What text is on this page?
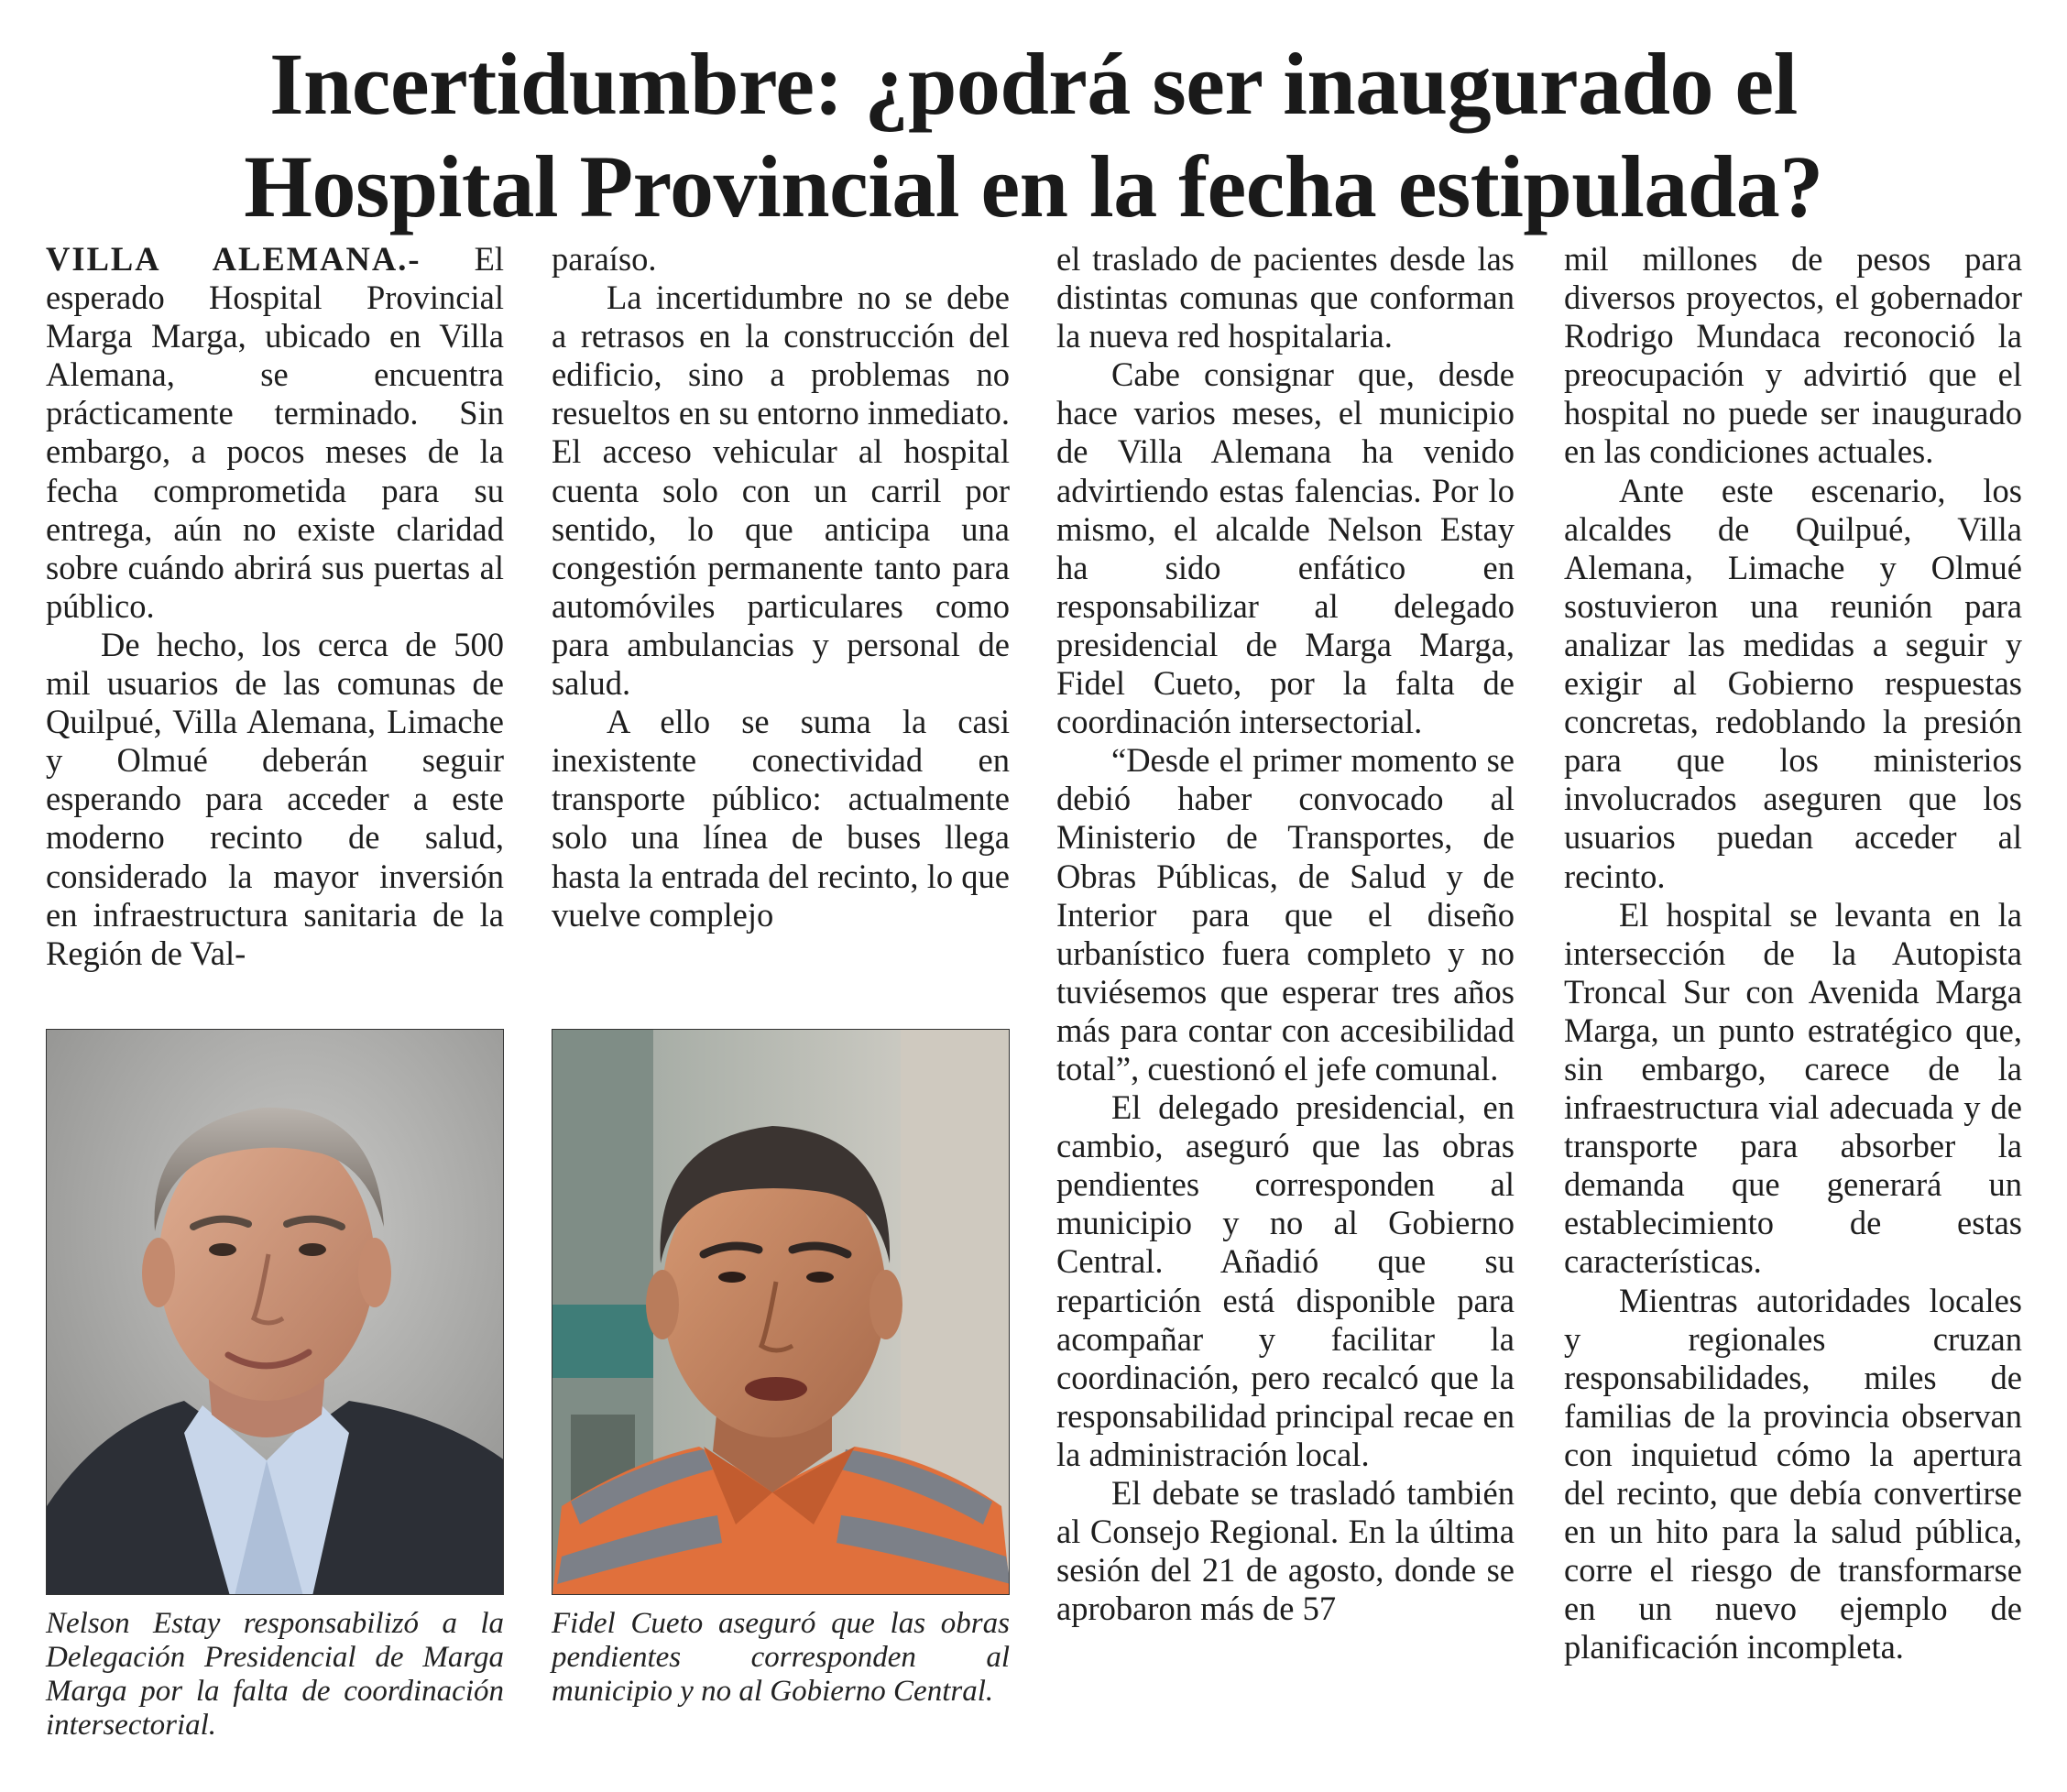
Incertidumbre: ¿podrá ser inaugurado el
Hospital Provincial en la fecha estipulada?

VILLA ALEMANA.- El esperado Hospital Provincial Marga Marga, ubicado en Villa Alemana, se encuentra prácticamente terminado. Sin embargo, a pocos meses de la fecha comprometida para su entrega, aún no existe claridad sobre cuándo abrirá sus puertas al público.

De hecho, los cerca de 500 mil usuarios de las comunas de Quilpué, Villa Alemana, Limache y Olmué deberán seguir esperando para acceder a este moderno recinto de salud, considerado la mayor inversión en infraestructura sanitaria de la Región de Val-

paraíso.

La incertidumbre no se debe a retrasos en la construcción del edificio, sino a problemas no resueltos en su entorno inmediato. El acceso vehicular al hospital cuenta solo con un carril por sentido, lo que anticipa una congestión permanente tanto para automóviles particulares como para ambulancias y personal de salud.

A ello se suma la casi inexistente conectividad en transporte público: actualmente solo una línea de buses llega hasta la entrada del recinto, lo que vuelve complejo

el traslado de pacientes desde las distintas comunas que conforman la nueva red hospitalaria.

Cabe consignar que, desde hace varios meses, el municipio de Villa Alemana ha venido advirtiendo estas falencias. Por lo mismo, el alcalde Nelson Estay ha sido enfático en responsabilizar al delegado presidencial de Marga Marga, Fidel Cueto, por la falta de coordinación intersectorial.

“Desde el primer momento se debió haber convocado al Ministerio de Transportes, de Obras Públicas, de Salud y de Interior para que el diseño urbanístico fuera completo y no tuviésemos que esperar tres años más para contar con accesibilidad total”, cuestionó el jefe comunal.

El delegado presidencial, en cambio, aseguró que las obras pendientes corresponden al municipio y no al Gobierno Central. Añadió que su repartición está disponible para acompañar y facilitar la coordinación, pero recalcó que la responsabilidad principal recae en la administración local.

El debate se trasladó también al Consejo Regional. En la última sesión del 21 de agosto, donde se aprobaron más de 57

mil millones de pesos para diversos proyectos, el gobernador Rodrigo Mundaca reconoció la preocupación y advirtió que el hospital no puede ser inaugurado en las condiciones actuales.

Ante este escenario, los alcaldes de Quilpué, Villa Alemana, Limache y Olmué sostuvieron una reunión para analizar las medidas a seguir y exigir al Gobierno respuestas concretas, redoblando la presión para que los ministerios involucrados aseguren que los usuarios puedan acceder al recinto.

El hospital se levanta en la intersección de la Autopista Troncal Sur con Avenida Marga Marga, un punto estratégico que, sin embargo, carece de la infraestructura vial adecuada y de transporte para absorber la demanda que generará un establecimiento de estas características.

Mientras autoridades locales y regionales cruzan responsabilidades, miles de familias de la provincia observan con inquietud cómo la apertura del recinto, que debía convertirse en un hito para la salud pública, corre el riesgo de transformarse en un nuevo ejemplo de planificación incompleta.

Nelson Estay responsabilizó a la Delegación Presidencial de Marga Marga por la falta de coordinación intersectorial.
Fidel Cueto aseguró que las obras pendientes corresponden al municipio y no al Gobierno Central.
